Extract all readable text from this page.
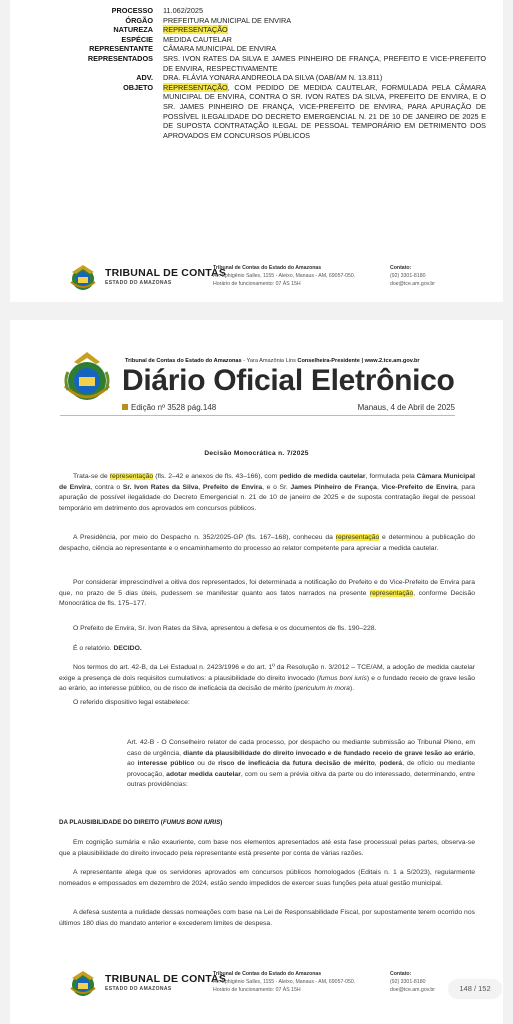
PROCESSO	11.062/2025
ÓRGÃO	PREFEITURA MUNICIPAL DE ENVIRA
NATUREZA	REPRESENTAÇÃO
ESPÉCIE	MEDIDA CAUTELAR
REPRESENTANTE	CÂMARA MUNICIPAL DE ENVIRA
REPRESENTADOS	SRS. IVON RATES DA SILVA E JAMES PINHEIRO DE FRANÇA, PREFEITO E VICE-PREFEITO DE ENVIRA, RESPECTIVAMENTE
ADV.	DRA. FLÁVIA YONARA ANDREOLA DA SILVA (OAB/AM N. 13.811)
OBJETO	REPRESENTAÇÃO, COM PEDIDO DE MEDIDA CAUTELAR, FORMULADA PELA CÂMARA MUNICIPAL DE ENVIRA, CONTRA O SR. IVON RATES DA SILVA, PREFEITO DE ENVIRA, E O SR. JAMES PINHEIRO DE FRANÇA, VICE-PREFEITO DE ENVIRA, PARA APURAÇÃO DE POSSÍVEL ILEGALIDADE DO DECRETO EMERGENCIAL N. 21 DE 10 DE JANEIRO DE 2025 E DE SUPOSTA CONTRATAÇÃO ILEGAL DE PESSOAL TEMPORÁRIO EM DETRIMENTO DOS APROVADOS EM CONCURSOS PÚBLICOS
TRIBUNAL DE CONTAS
ESTADO DO AMAZONAS
Tribunal de Contas do Estado do Amazonas
Av. Ephigênio Salles, 1155 - Aleixo, Manaus - AM, 69057-050.
Horário de funcionamento: 07 ÀS 15H
Contato:
(92) 3301-8180
doe@tce.am.gov.br
Tribunal de Contas do Estado do Amazonas - Yara Amazônia Lins Conselheira-Presidente | www.2.tce.am.gov.br
Diário Oficial Eletrônico
Edição nº 3528 pág.148	Manaus, 4 de Abril de 2025
Decisão Monocrática n. 7/2025

Trata-se de representação (fls. 2–42 e anexos de fls. 43–166), com pedido de medida cautelar, formulada pela Câmara Municipal de Envira, contra o Sr. Ivon Rates da Silva, Prefeito de Envira, e o Sr. James Pinheiro de França, Vice-Prefeito de Envira, para apuração de possível ilegalidade do Decreto Emergencial n. 21 de 10 de janeiro de 2025 e de suposta contratação ilegal de pessoal temporário em detrimento dos aprovados em concursos públicos.

A Presidência, por meio do Despacho n. 352/2025-GP (fls. 167–168), conheceu da representação e determinou a publicação do despacho, ciência ao representante e o encaminhamento do processo ao relator competente para apreciar a medida cautelar.

Por considerar imprescindível a oitiva dos representados, foi determinada a notificação do Prefeito e do Vice-Prefeito de Envira para que, no prazo de 5 dias úteis, pudessem se manifestar quanto aos fatos narrados na presente representação, conforme Decisão Monocrática de fls. 175–177.

O Prefeito de Envira, Sr. Ivon Rates da Silva, apresentou a defesa e os documentos de fls. 190–228.

É o relatório. DECIDO.

Nos termos do art. 42-B, da Lei Estadual n. 2423/1996 e do art. 1º da Resolução n. 3/2012 – TCE/AM, a adoção de medida cautelar exige a presença de dois requisitos cumulativos: a plausibilidade do direito invocado (fumus boni iuris) e o fundado receio de grave lesão ao erário, ao interesse público, ou de risco de ineficácia da decisão de mérito (periculum in mora).

O referido dispositivo legal estabelece:

Art. 42-B - O Conselheiro relator de cada processo, por despacho ou mediante submissão ao Tribunal Pleno, em caso de urgência, diante da plausibilidade do direito invocado e de fundado receio de grave lesão ao erário, ao interesse público ou de risco de ineficácia da futura decisão de mérito, poderá, de ofício ou mediante provocação, adotar medida cautelar, com ou sem a prévia oitiva da parte ou do interessado, determinando, entre outras providências:
DA PLAUSIBILIDADE DO DIREITO (FUMUS BONI IURIS)

Em cognição sumária e não exauriente, com base nos elementos apresentados até esta fase processual pelas partes, observa-se que a plausibilidade do direito invocado pela representante está presente por conta de várias razões.

A representante alega que os servidores aprovados em concursos públicos homologados (Editais n. 1 a 5/2023), regularmente nomeados e empossados em dezembro de 2024, estão sendo impedidos de exercer suas funções pela atual gestão municipal.

A defesa sustenta a nulidade dessas nomeações com base na Lei de Responsabilidade Fiscal, por supostamente terem ocorrido nos últimos 180 dias do mandato anterior e excederem limites de despesa.

TRIBUNAL DE CONTAS
ESTADO DO AMAZONAS
Tribunal de Contas do Estado do Amazonas
Av. Ephigênio Salles, 1155 - Aleixo, Manaus - AM, 69057-050.
Horário de funcionamento: 07 ÀS 15H
Contato:
(92) 3301-8180
doe@tce.am.gov.br	148 / 152
